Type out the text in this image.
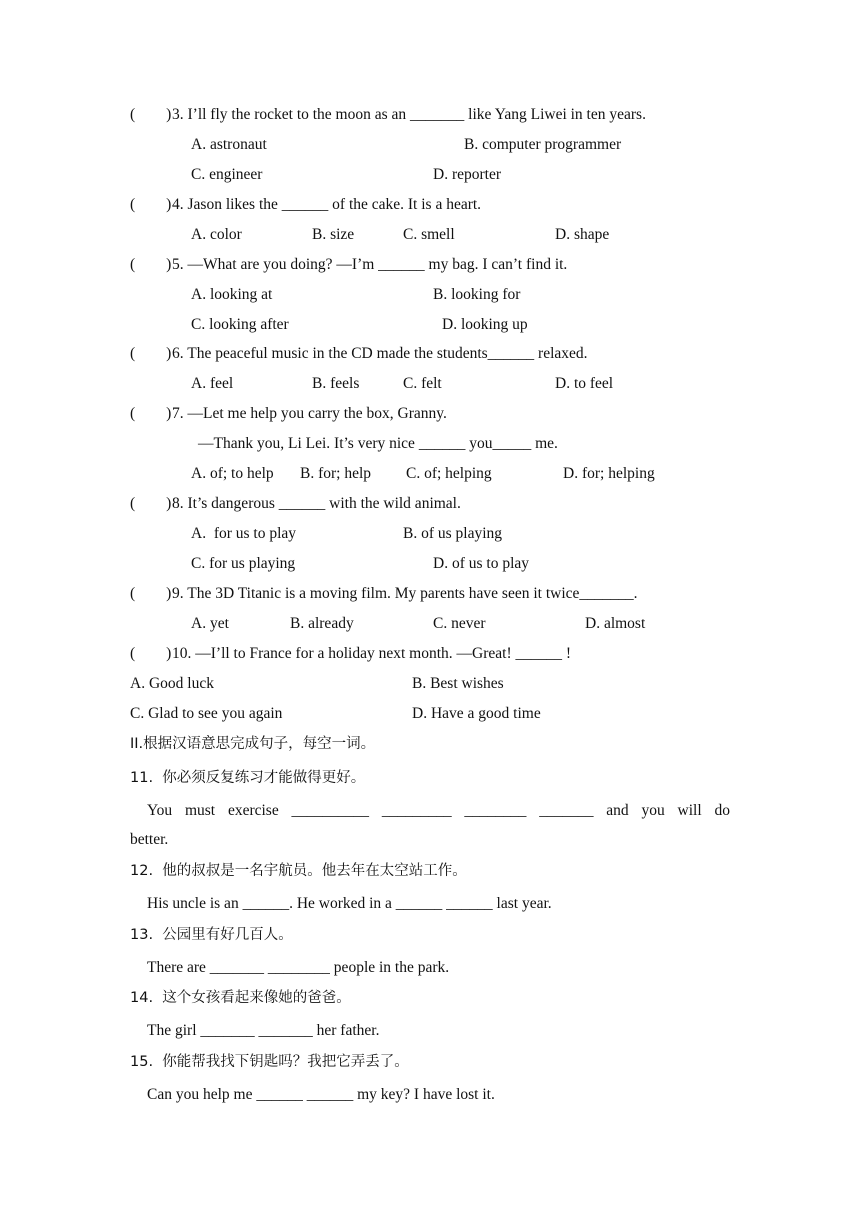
(        ) 3. I’ll fly the rocket to the moon as an _______ like Yang Liwei in ten years.
A. astronaut	B. computer programmer
C. engineer	D. reporter
(        ) 4. Jason likes the ______ of the cake. It is a heart.
A. color	B. size	C. smell	D. shape
(        ) 5. —What are you doing? —I’m ______ my bag. I can’t find it.
A. looking at	B. looking for
C. looking after	D. looking up
(        ) 6. The peaceful music in the CD made the students______ relaxed.
A. feel	B. feels	C. felt	D. to feel
(        ) 7. —Let me help you carry the box, Granny.
—Thank you, Li Lei. It’s very nice ______ you_____ me.
A. of; to help B. for; help C. of; helping	D. for; helping
(        ) 8. It’s dangerous ______ with the wild animal.
A.  for us to play	B. of us playing
C. for us playing	D. of us to play
(        ) 9. The 3D Titanic is a moving film. My parents have seen it twice_______.
A. yet	B. already	C. never	D. almost
(        ) 10. —I’ll to France for a holiday next month. —Great! ______ !
A. Good luck	B. Best wishes
C. Glad to see you again	D. Have a good time
II.根据汉语意思完成句子，每空一词。
11.  你必须反复练习才能做得更好。
You must exercise __________ _________ ________ _______ and you will do
better.
12.  他的叔叔是一名宇航员。他去年在太空站工作。
His uncle is an ______. He worked in a ______ ______ last year.
13.  公园里有好几百人。
There are _______ ________ people in the park.
14.  这个女孩看起来像她的爸爸。
The girl _______ _______ her father.
15.  你能帮我找下钥匙吗？我把它弄丢了。
Can you help me ______ ______ my key? I have lost it.
